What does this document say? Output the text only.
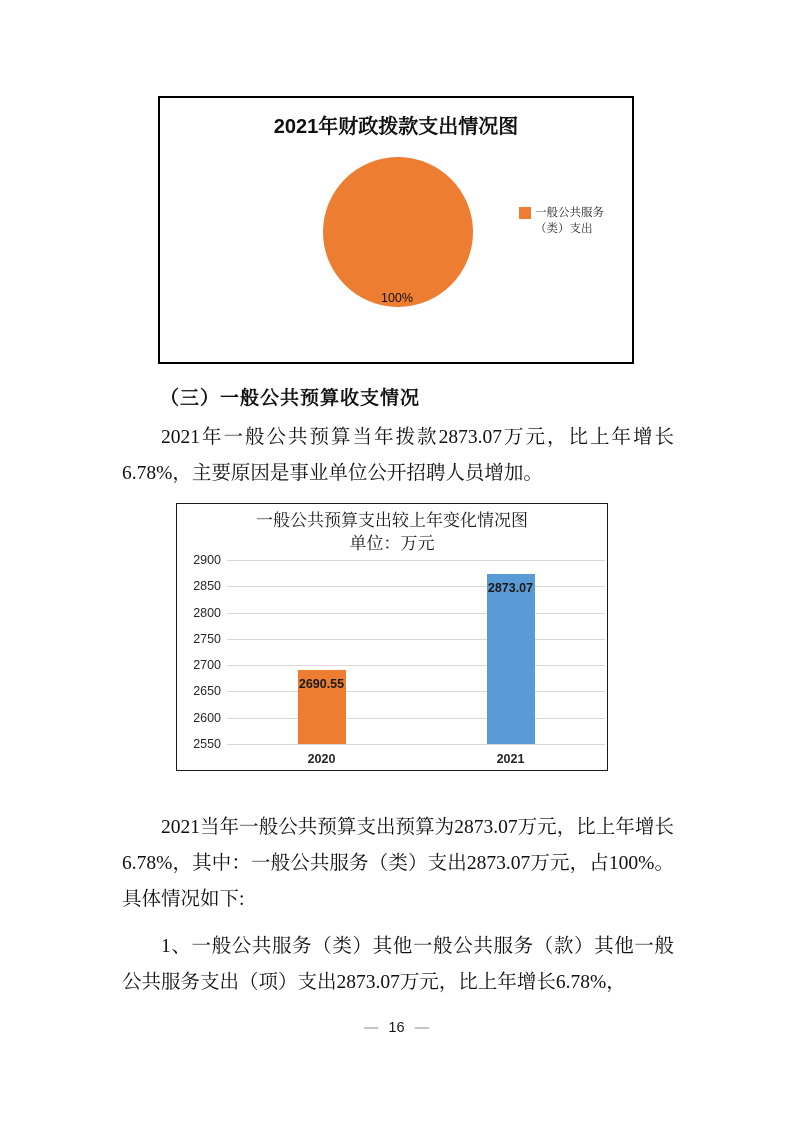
2021年财政拨款支出情况图
100%
一般公共服务
（类）支出
（三）一般公共预算收支情况
2021年一般公共预算当年拨款2873.07万元，比上年增长6.78%，主要原因是事业单位公开招聘人员增加。
一般公共预算支出较上年变化情况图
单位：万元
2900
2850
2800
2750
2700
2650
2600
2550
2690.55
2020
2873.07
2021
2021当年一般公共预算支出预算为2873.07万元，比上年增长6.78%，其中：一般公共服务（类）支出2873.07万元，占100%。具体情况如下:
1、一般公共服务（类）其他一般公共服务（款）其他一般公共服务支出（项）支出2873.07万元，比上年增长6.78%，
— 16 —
